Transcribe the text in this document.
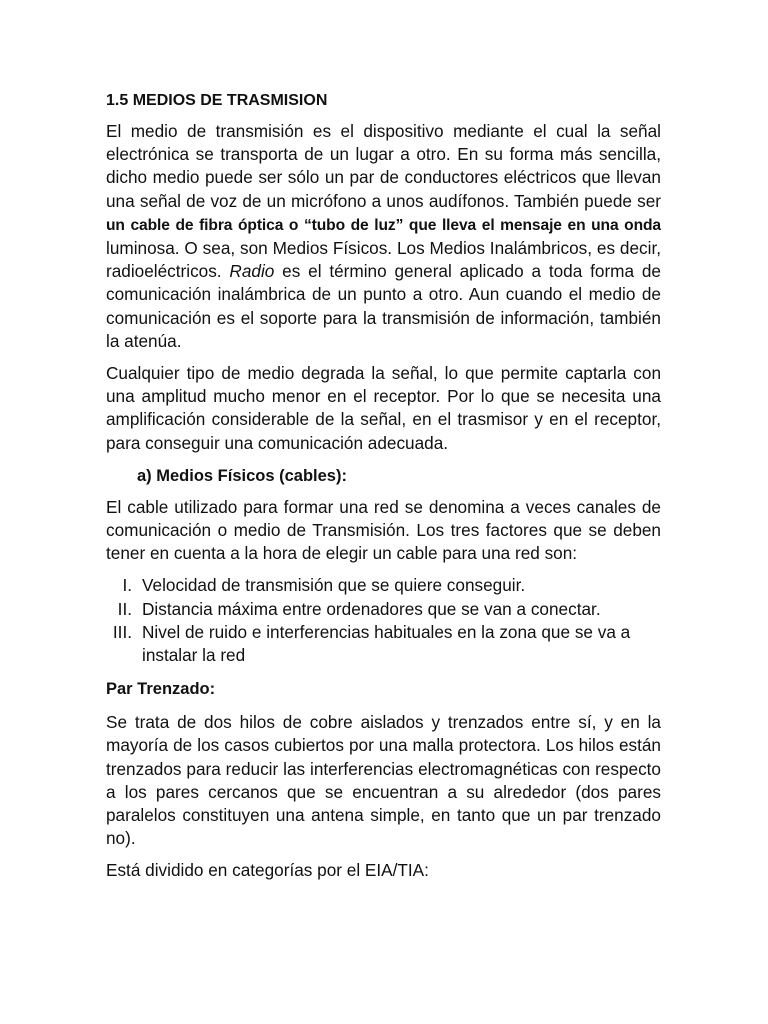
1.5 MEDIOS DE TRASMISION

El medio de transmisión es el dispositivo mediante el cual la señal electrónica se transporta de un lugar a otro. En su forma más sencilla, dicho medio puede ser sólo un par de conductores eléctricos que llevan una señal de voz de un micrófono a unos audífonos. También puede ser un cable de fibra óptica o “tubo de luz” que lleva el mensaje en una onda luminosa. O sea, son Medios Físicos. Los Medios Inalámbricos, es decir, radioeléctricos. Radio es el término general aplicado a toda forma de comunicación inalámbrica de un punto a otro. Aun cuando el medio de comunicación es el soporte para la transmisión de información, también la atenúa.

Cualquier tipo de medio degrada la señal, lo que permite captarla con una amplitud mucho menor en el receptor. Por lo que se necesita una amplificación considerable de la señal, en el trasmisor y en el receptor, para conseguir una comunicación adecuada.

a) Medios Físicos (cables):

El cable utilizado para formar una red se denomina a veces canales de comunicación o medio de Transmisión. Los tres factores que se deben tener en cuenta a la hora de elegir un cable para una red son:

I. Velocidad de transmisión que se quiere conseguir.
II. Distancia máxima entre ordenadores que se van a conectar.
III. Nivel de ruido e interferencias habituales en la zona que se va a instalar la red
Par Trenzado:

Se trata de dos hilos de cobre aislados y trenzados entre sí, y en la mayoría de los casos cubiertos por una malla protectora. Los hilos están trenzados para reducir las interferencias electromagnéticas con respecto a los pares cercanos que se encuentran a su alrededor (dos pares paralelos constituyen una antena simple, en tanto que un par trenzado no).

Está dividido en categorías por el EIA/TIA:
